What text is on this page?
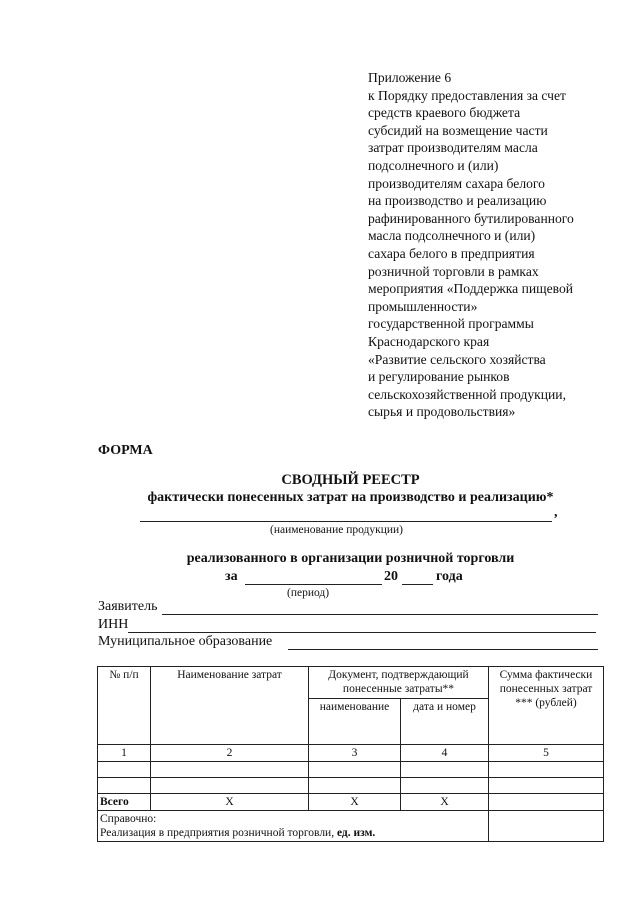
Приложение 6
к Порядку предоставления за счет
средств краевого бюджета
субсидий на возмещение части
затрат производителям масла
подсолнечного и (или)
производителям сахара белого
на производство и реализацию
рафинированного бутилированного
масла подсолнечного и (или)
сахара белого в предприятия
розничной торговли в рамках
мероприятия «Поддержка пищевой
промышленности»
государственной программы
Краснодарского края
«Развитие сельского хозяйства
и регулирование рынков
сельскохозяйственной продукции,
сырья и продовольствия»
ФОРМА
СВОДНЫЙ РЕЕСТР
фактически понесенных затрат на производство и реализацию*
,
(наименование продукции)
реализованного в организации розничной торговли
за	20	года
(период)
Заявитель
ИНН
Муниципальное образование
№ п/п	Наименование затрат	Документ, подтверждающий понесенные затраты**		Сумма фактически понесенных затрат *** (рублей)
		наименование	дата и номер	
1	2	3	4	5

Всего	Х	Х	Х	

Справочно:
Реализация в предприятия розничной торговли, ед. изм.				
